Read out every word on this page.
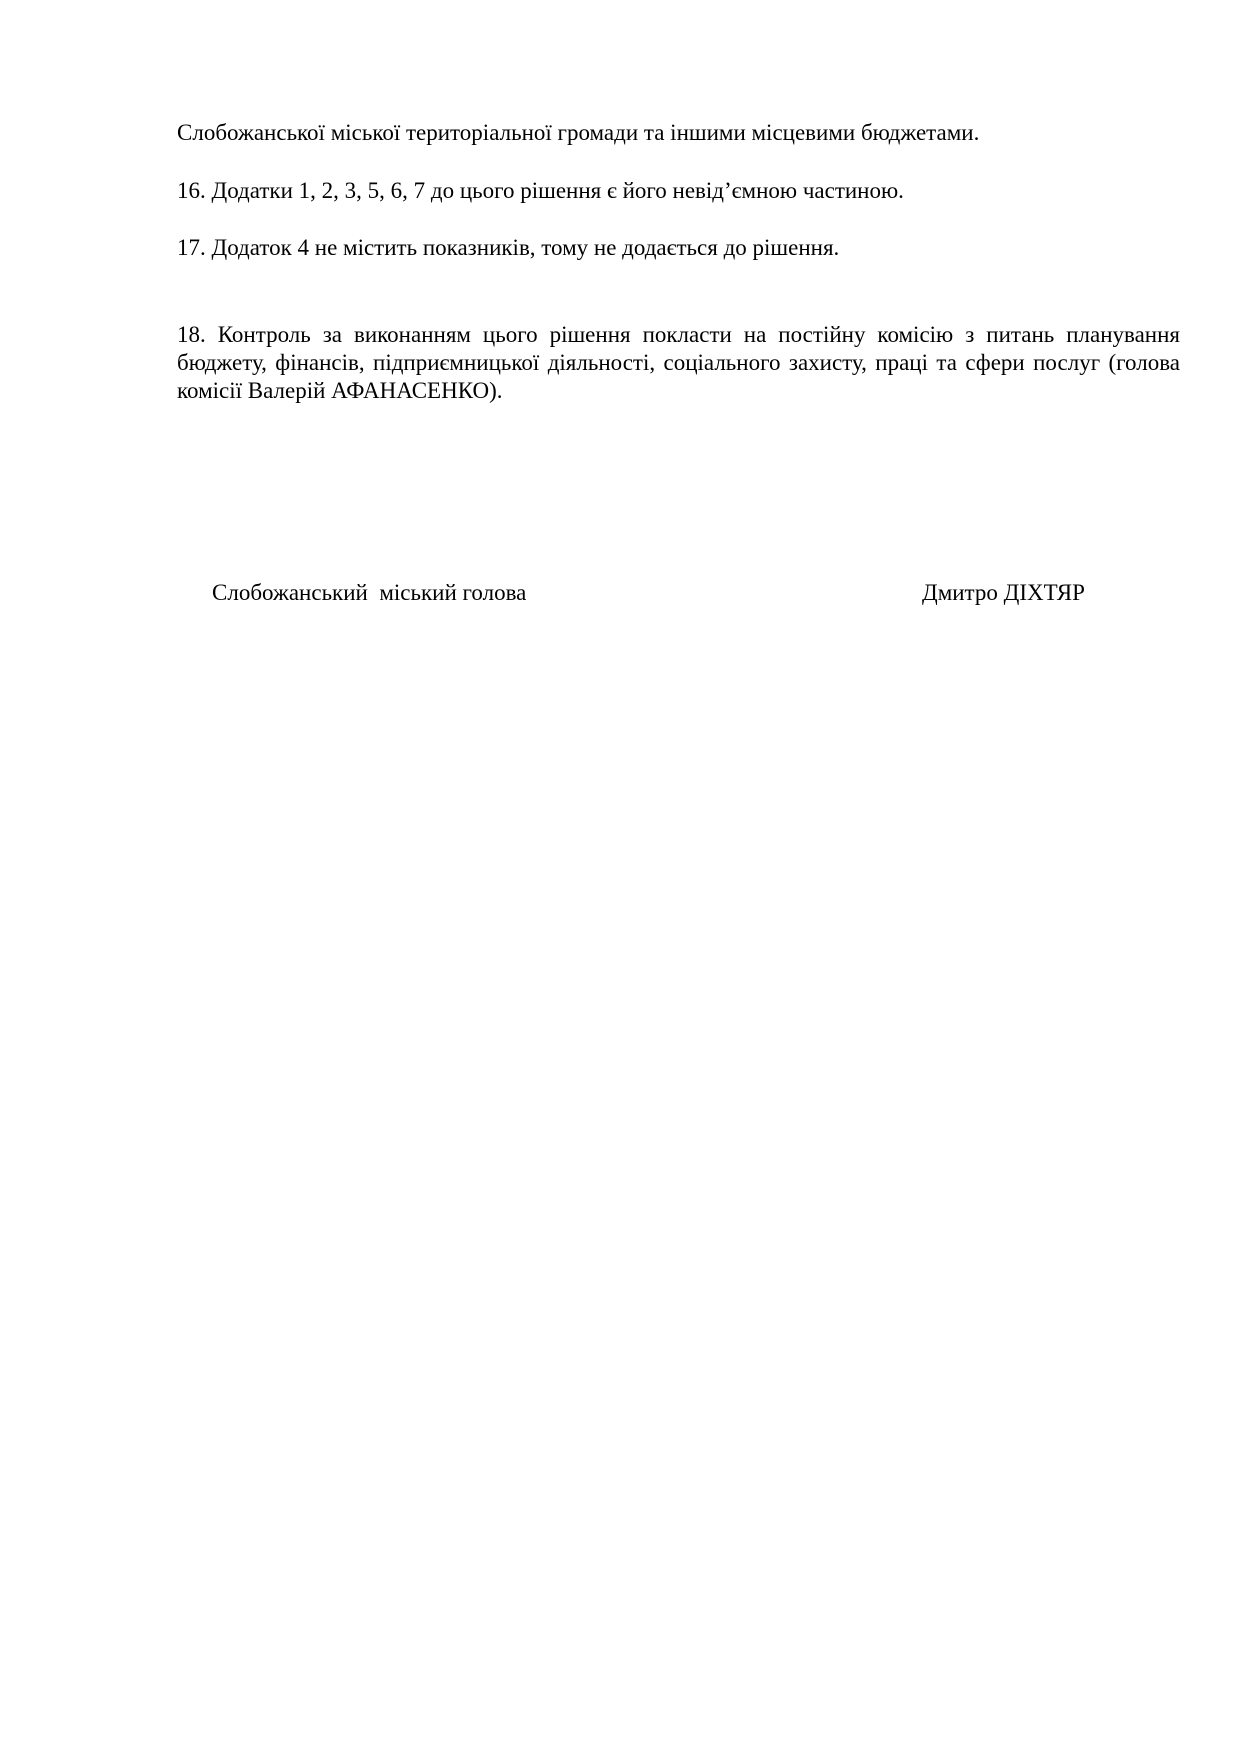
Слобожанської міської територіальної громади та іншими місцевими бюджетами.
16. Додатки 1, 2, 3, 5, 6, 7 до цього рішення є його невід’ємною частиною.
17. Додаток 4 не містить показників, тому не додається до рішення.
18. Контроль за виконанням цього рішення покласти на постійну комісію з питань планування бюджету, фінансів, підприємницької діяльності, соціального захисту, праці та сфери послуг (голова комісії Валерій АФАНАСЕНКО).
Слобожанський  міський голова	Дмитро ДІХТЯР
